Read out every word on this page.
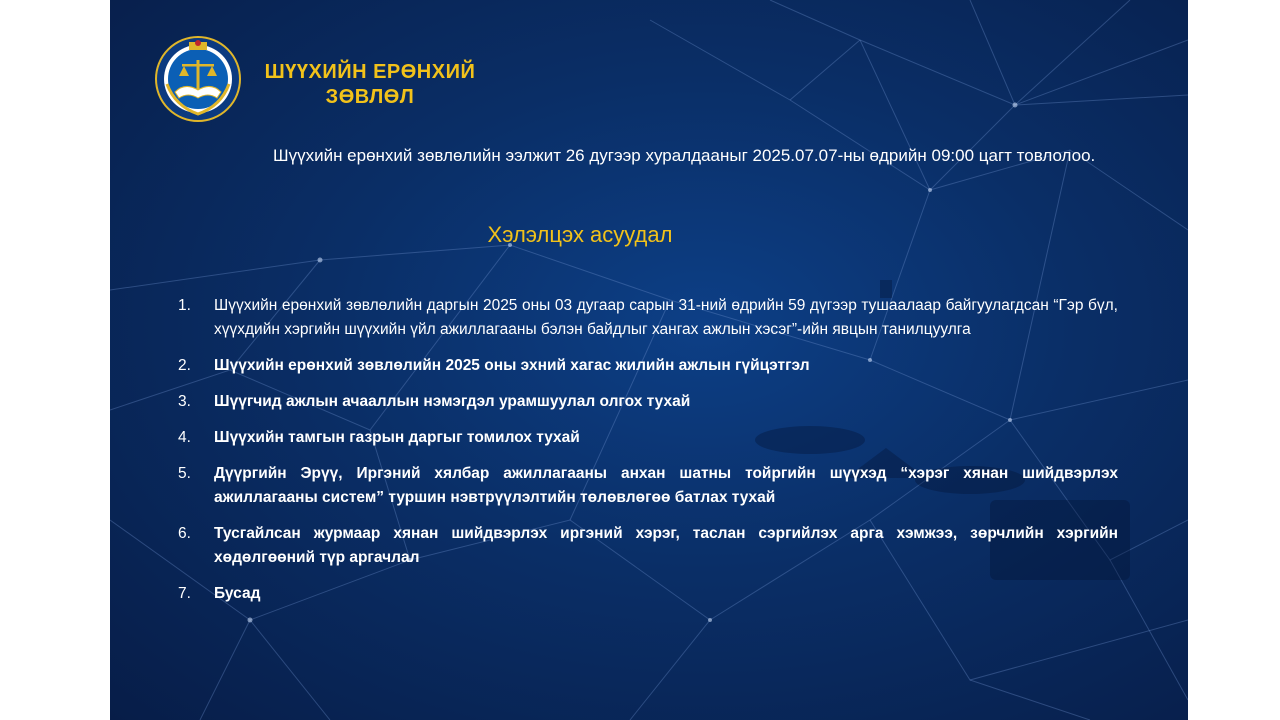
ШҮҮХИЙН ЕРӨНХИЙ
ЗӨВЛӨЛ
Шүүхийн ерөнхий зөвлөлийн ээлжит 26 дугээр хуралдааныг 2025.07.07-ны өдрийн 09:00 цагт товлолоо.
Хэлэлцэх асуудал
1.	Шүүхийн ерөнхий зөвлөлийн даргын 2025 оны 03 дугаар сарын 31-ний өдрийн 59 дүгээр тушаалаар байгуулагдсан “Гэр бүл, хүүхдийн хэргийн шүүхийн үйл ажиллагааны бэлэн байдлыг хангах ажлын хэсэг”-ийн явцын танилцуулга
2.	Шүүхийн ерөнхий зөвлөлийн 2025 оны эхний хагас жилийн ажлын гүйцэтгэл
3.	Шүүгчид ажлын ачааллын нэмэгдэл урамшуулал олгох тухай
4.	Шүүхийн тамгын газрын даргыг томилох тухай
5.	Дүүргийн Эрүү, Иргэний хялбар ажиллагааны анхан шатны тойргийн шүүхэд “хэрэг хянан шийдвэрлэх ажиллагааны систем” туршин нэвтрүүлэлтийн төлөвлөгөө батлах тухай
6.	Тусгайлсан журмаар хянан шийдвэрлэх иргэний хэрэг, таслан сэргийлэх арга хэмжээ, зөрчлийн хэргийн хөдөлгөөний түр аргачлал
7.	Бусад
